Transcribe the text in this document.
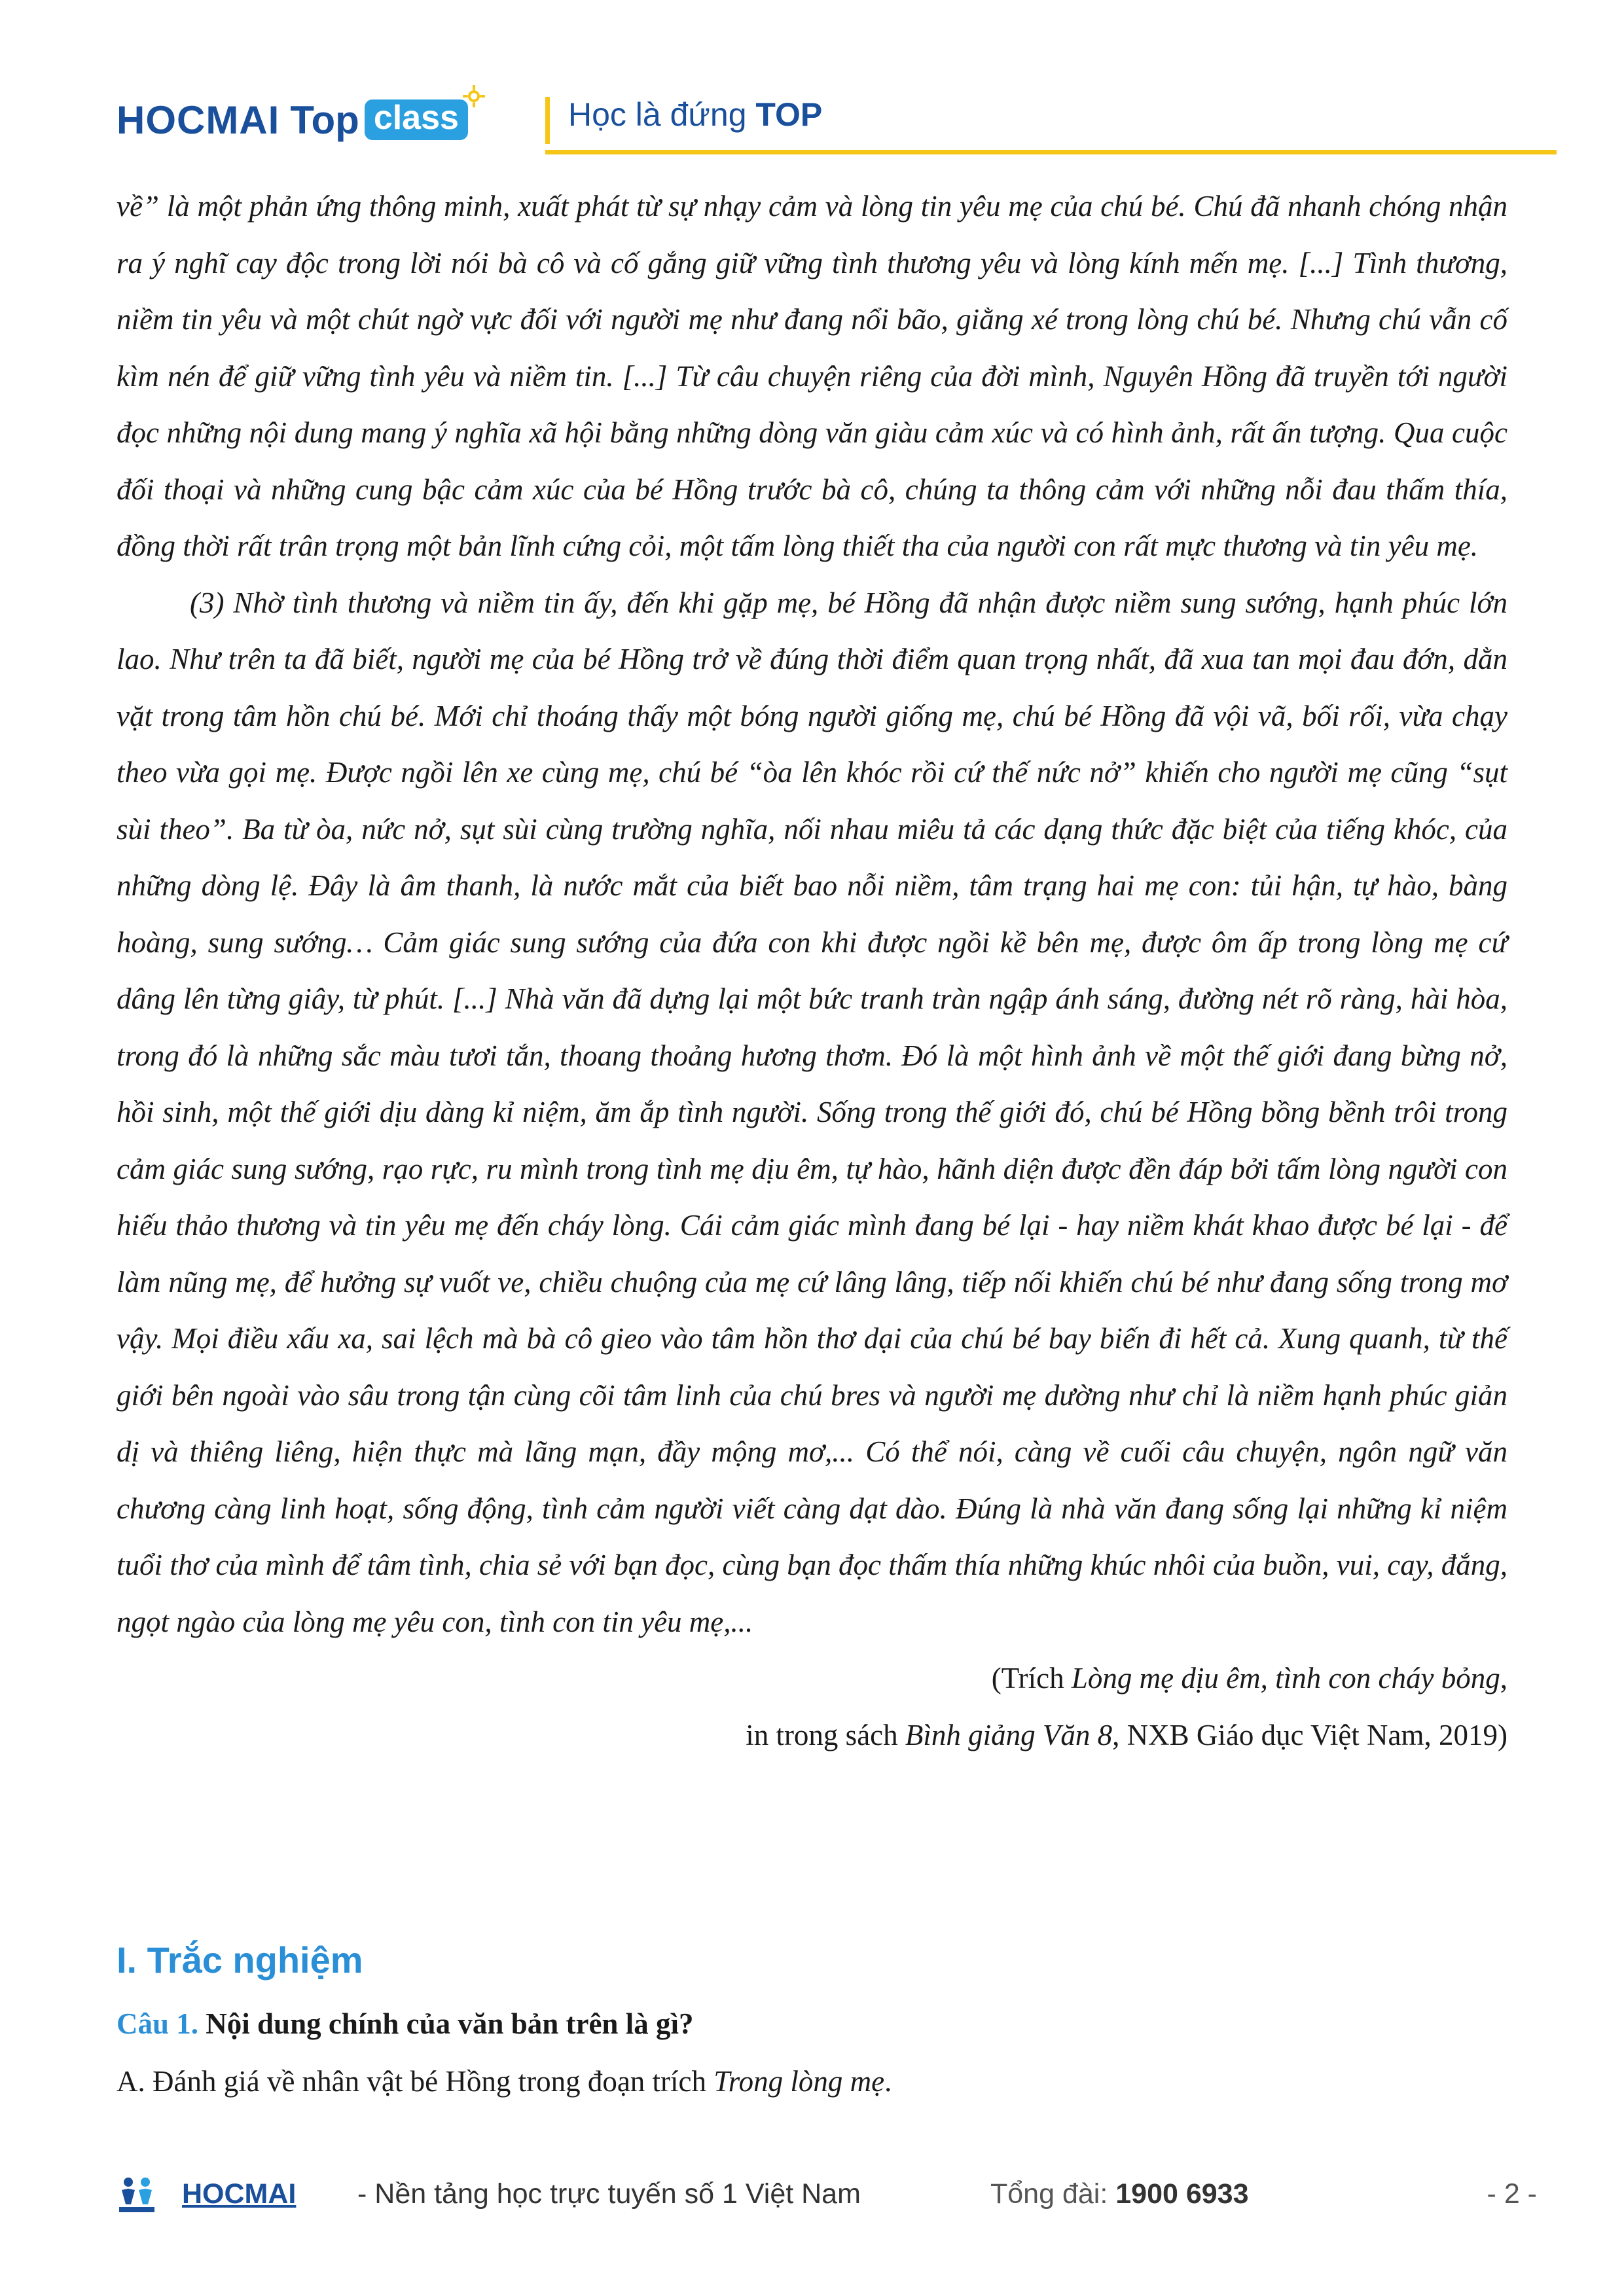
HOCMAI Top class	Học là đứng TOP

về” là một phản ứng thông minh, xuất phát từ sự nhạy cảm và lòng tin yêu mẹ của chú bé. Chú đã nhanh chóng nhận ra ý nghĩ cay độc trong lời nói bà cô và cố gắng giữ vững tình thương yêu và lòng kính mến mẹ. [...] Tình thương, niềm tin yêu và một chút ngờ vực đối với người mẹ như đang nổi bão, giằng xé trong lòng chú bé. Nhưng chú vẫn cố kìm nén để giữ vững tình yêu và niềm tin. [...] Từ câu chuyện riêng của đời mình, Nguyên Hồng đã truyền tới người đọc những nội dung mang ý nghĩa xã hội bằng những dòng văn giàu cảm xúc và có hình ảnh, rất ấn tượng. Qua cuộc đối thoại và những cung bậc cảm xúc của bé Hồng trước bà cô, chúng ta thông cảm với những nỗi đau thấm thía, đồng thời rất trân trọng một bản lĩnh cứng cỏi, một tấm lòng thiết tha của người con rất mực thương và tin yêu mẹ.

(3) Nhờ tình thương và niềm tin ấy, đến khi gặp mẹ, bé Hồng đã nhận được niềm sung sướng, hạnh phúc lớn lao. Như trên ta đã biết, người mẹ của bé Hồng trở về đúng thời điểm quan trọng nhất, đã xua tan mọi đau đớn, dằn vặt trong tâm hồn chú bé. Mới chỉ thoáng thấy một bóng người giống mẹ, chú bé Hồng đã vội vã, bối rối, vừa chạy theo vừa gọi mẹ. Được ngồi lên xe cùng mẹ, chú bé “òa lên khóc rồi cứ thế nức nở” khiến cho người mẹ cũng “sụt sùi theo”. Ba từ òa, nức nở, sụt sùi cùng trường nghĩa, nối nhau miêu tả các dạng thức đặc biệt của tiếng khóc, của những dòng lệ. Đây là âm thanh, là nước mắt của biết bao nỗi niềm, tâm trạng hai mẹ con: tủi hận, tự hào, bàng hoàng, sung sướng… Cảm giác sung sướng của đứa con khi được ngồi kề bên mẹ, được ôm ấp trong lòng mẹ cứ dâng lên từng giây, từ phút. [...] Nhà văn đã dựng lại một bức tranh tràn ngập ánh sáng, đường nét rõ ràng, hài hòa, trong đó là những sắc màu tươi tắn, thoang thoảng hương thơm. Đó là một hình ảnh về một thế giới đang bừng nở, hồi sinh, một thế giới dịu dàng kỉ niệm, ăm ắp tình người. Sống trong thế giới đó, chú bé Hồng bồng bềnh trôi trong cảm giác sung sướng, rạo rực, ru mình trong tình mẹ dịu êm, tự hào, hãnh diện được đền đáp bởi tấm lòng người con hiếu thảo thương và tin yêu mẹ đến cháy lòng. Cái cảm giác mình đang bé lại - hay niềm khát khao được bé lại - để làm nũng mẹ, để hưởng sự vuốt ve, chiều chuộng của mẹ cứ lâng lâng, tiếp nối khiến chú bé như đang sống trong mơ vậy. Mọi điều xấu xa, sai lệch mà bà cô gieo vào tâm hồn thơ dại của chú bé bay biến đi hết cả. Xung quanh, từ thế giới bên ngoài vào sâu trong tận cùng cõi tâm linh của chú bres và người mẹ dường như chỉ là niềm hạnh phúc giản dị và thiêng liêng, hiện thực mà lãng mạn, đầy mộng mơ,... Có thể nói, càng về cuối câu chuyện, ngôn ngữ văn chương càng linh hoạt, sống động, tình cảm người viết càng dạt dào. Đúng là nhà văn đang sống lại những kỉ niệm tuổi thơ của mình để tâm tình, chia sẻ với bạn đọc, cùng bạn đọc thấm thía những khúc nhôi của buồn, vui, cay, đắng, ngọt ngào của lòng mẹ yêu con, tình con tin yêu mẹ,...

(Trích Lòng mẹ dịu êm, tình con cháy bỏng,

in trong sách Bình giảng Văn 8, NXB Giáo dục Việt Nam, 2019)

I. Trắc nghiệm
Câu 1. Nội dung chính của văn bản trên là gì?
A. Đánh giá về nhân vật bé Hồng trong đoạn trích Trong lòng mẹ.
HOCMAI - Nền tảng học trực tuyến số 1 Việt Nam	Tổng đài: 1900 6933	- 2 -
